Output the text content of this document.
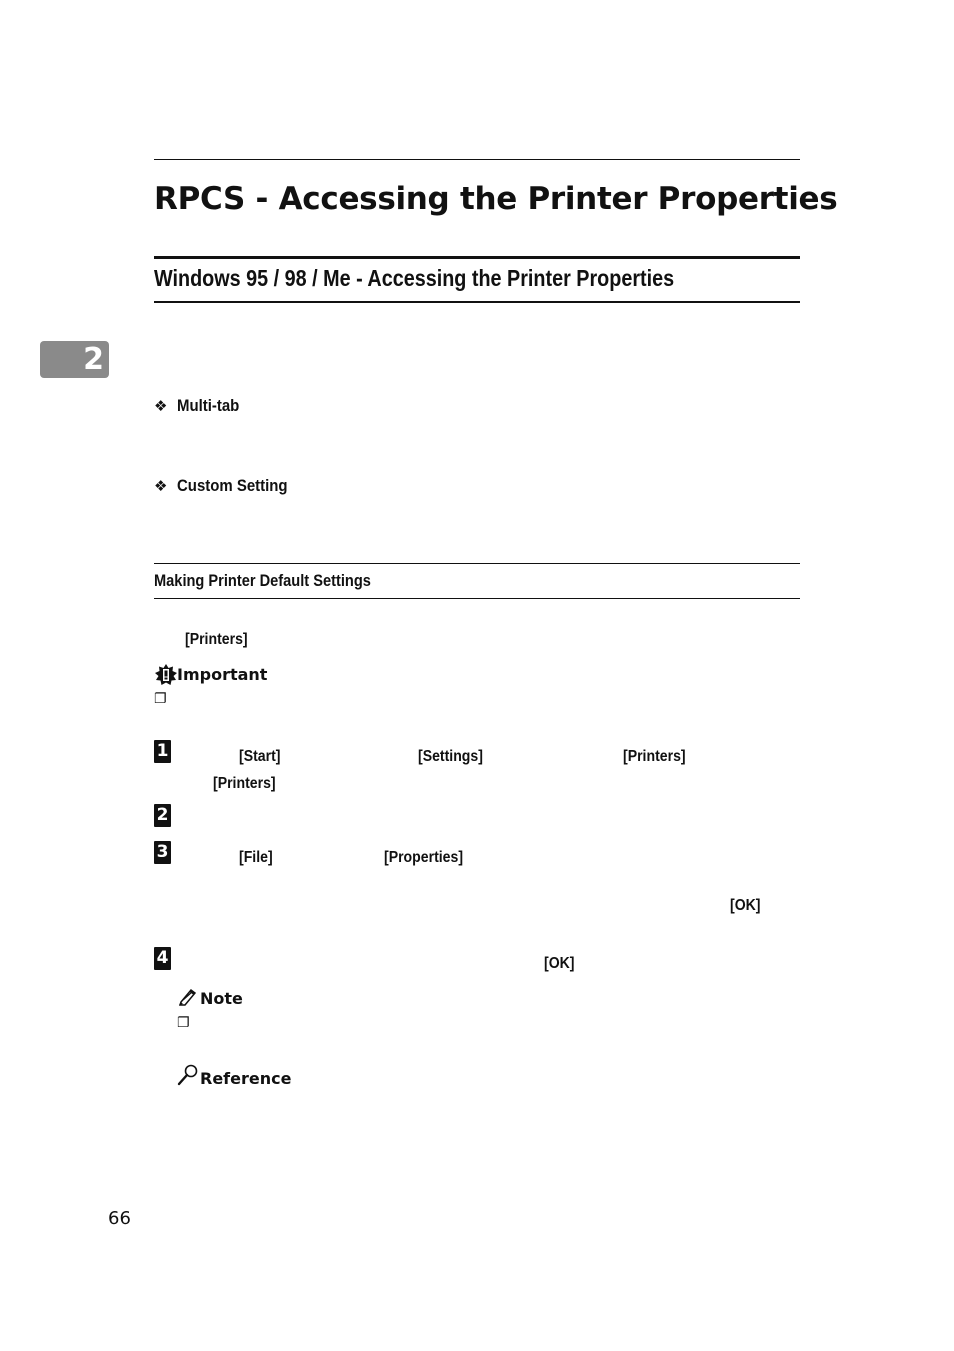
RPCS - Accessing the Printer Properties
Windows 95 / 98 / Me - Accessing the Printer Properties
2
❖ Multi-tab
❖ Custom Setting
Making Printer Default Settings
[Printers]
Important
❐
1	[Start]	[Settings]	[Printers]
[Printers]
2
3	[File]	[Properties]
[OK]
4	[OK]
Note
❐
Reference
66
